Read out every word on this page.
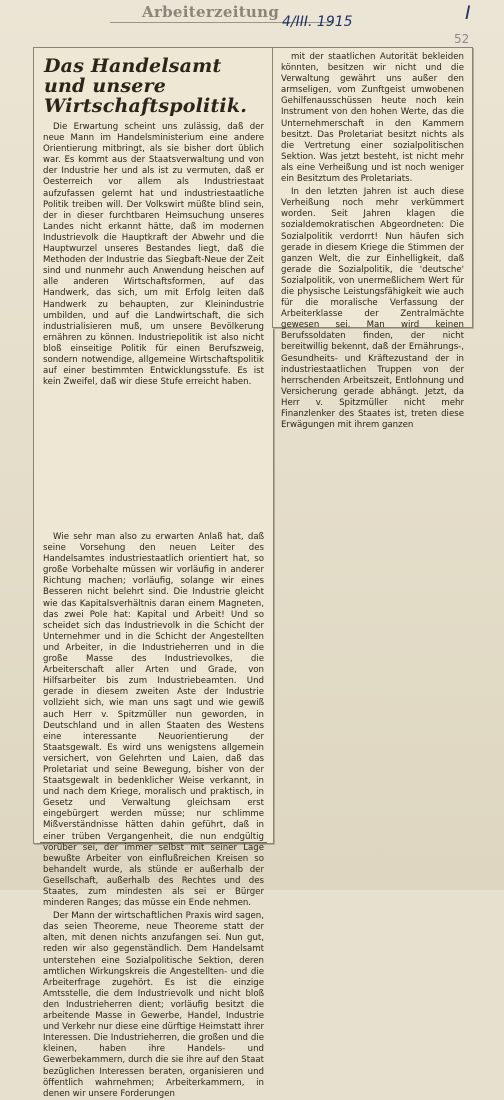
Arbeiterzeitung
4/III. 1915	I
52
Das Handelsamt und unsere Wirtschaftspolitik.

Die Erwartung scheint uns zulässig, daß der neue Mann im Handelsministerium eine andere Orientierung mitbringt, als sie bisher dort üblich war. Es kommt aus der Staatsverwaltung und von der Industrie her und als ist zu vermuten, daß er Oesterreich vor allem als Industriestaat aufzufassen gelernt hat und industriestaatliche Politik treiben will. Der Volkswirt müßte blind sein, der in dieser furchtbaren Heimsuchung unseres Landes nicht erkannt hätte, daß im modernen Industrievolk die Hauptkraft der Abwehr und die Hauptwurzel unseres Bestandes liegt, daß die Methoden der Industrie das Siegbaft-Neue der Zeit sind und nunmehr auch Anwendung heischen auf alle anderen Wirtschaftsformen, auf das Handwerk, das sich, um mit Erfolg leiten daß Handwerk zu behaupten, zur Kleinindustrie umbilden, und auf die Landwirtschaft, die sich industrialisieren muß, um unsere Bevölkerung ernähren zu können. Industriepolitik ist also nicht bloß einseitige Politik für einen Berufszweig, sondern notwendige, allgemeine Wirtschaftspolitik auf einer bestimmten Entwicklungsstufe. Es ist kein Zweifel, daß wir diese Stufe erreicht haben.

mit der staatlichen Autorität bekleiden könnten, besitzen wir nicht und die Verwaltung gewährt uns außer den armseligen, vom Zunftgeist umwobenen Gehilfenausschüssen heute noch kein Instrument von den hohen Werte, das die Unternehmerschaft in den Kammern besitzt. Das Proletariat besitzt nichts als die Vertretung einer sozialpolitischen Sektion. Was jetzt besteht, ist nicht mehr als eine Verheißung und ist noch weniger ein Besitztum des Proletariats.

In den letzten Jahren ist auch diese Verheißung noch mehr verkümmert worden. Seit Jahren klagen die sozialdemokratischen Abgeordneten: Die Sozialpolitik verdorrt! Nun häufen sich gerade in diesem Kriege die Stimmen der ganzen Welt, die zur Einhelligkeit, daß gerade die Sozialpolitik, die 'deutsche' Sozialpolitik, von unermeßlichem Wert für die physische Leistungsfähigkeit wie auch für die moralische Verfassung der Arbeiterklasse der Zentralmächte gewesen sei. Man wird keinen Berufssoldaten finden, der nicht bereitwillig bekennt, daß der Ernährungs-, Gesundheits- und Kräftezustand der in industriestaatlichen Truppen von der herrschenden Arbeitszeit, Entlohnung und Versicherung gerade abhängt. Jetzt, da Herr v. Spitzmüller nicht mehr Finanzlenker des Staates ist, treten diese Erwägungen mit ihrem ganzen

Wie sehr man also zu erwarten Anlaß hat, daß seine Vorsehung den neuen Leiter des Handelsamtes industriestaatlich orientiert hat, so große Vorbehalte müssen wir vorläufig in anderer Richtung machen; vorläufig, solange wir eines Besseren nicht belehrt sind. Die Industrie gleicht wie das Kapitalsverhältnis daran einem Magneten, das zwei Pole hat: Kapital und Arbeit! Und so scheidet sich das Industrievolk in die Schicht der Unternehmer und in die Schicht der Angestellten und Arbeiter, in die Industrieherren und in die große Masse des Industrievolkes, die Arbeiterschaft aller Arten und Grade, von Hilfsarbeiter bis zum Industriebeamten. Und gerade in diesem zweiten Aste der Industrie vollzieht sich, wie man uns sagt und wie gewiß auch Herr v. Spitzmüller nun geworden, in Deutschland und in allen Staaten des Westens eine interessante Neuorientierung der Staatsgewalt. Es wird uns wenigstens allgemein versichert, von Gelehrten und Laien, daß das Proletariat und seine Bewegung, bisher von der Staatsgewalt in bedenklicher Weise verkannt, in und nach dem Kriege, moralisch und praktisch, in Gesetz und Verwaltung gleichsam erst eingebürgert werden müsse; nur schlimme Mißverständnisse hätten dahin geführt, daß in einer trüben Vergangenheit, die nun endgültig vorüber sei, der immer selbst mit seiner Lage bewußte Arbeiter von einflußreichen Kreisen so behandelt wurde, als stünde er außerhalb der Gesellschaft, außerhalb des Rechtes und des Staates, zum mindesten als sei er Bürger minderen Ranges; das müsse ein Ende nehmen.

Der Mann der wirtschaftlichen Praxis wird sagen, das seien Theoreme, neue Theoreme statt der alten, mit denen nichts anzufangen sei. Nun gut, reden wir also gegenständlich. Dem Handelsamt unterstehen eine Sozialpolitische Sektion, deren amtlichen Wirkungskreis die Angestellten- und die Arbeiterfrage zugehört. Es ist die einzige Amtsstelle, die dem Industrievolk und nicht bloß den Industrieherren dient; vorläufig besitzt die arbeitende Masse in Gewerbe, Handel, Industrie und Verkehr nur diese eine dürftige Heimstatt ihrer Interessen. Die Industrieherren, die großen und die kleinen, haben ihre Handels- und Gewerbekammern, durch die sie ihre auf den Staat bezüglichen Interessen beraten, organisieren und öffentlich wahrnehmen; Arbeiterkammern, in denen wir unsere Forderungen
